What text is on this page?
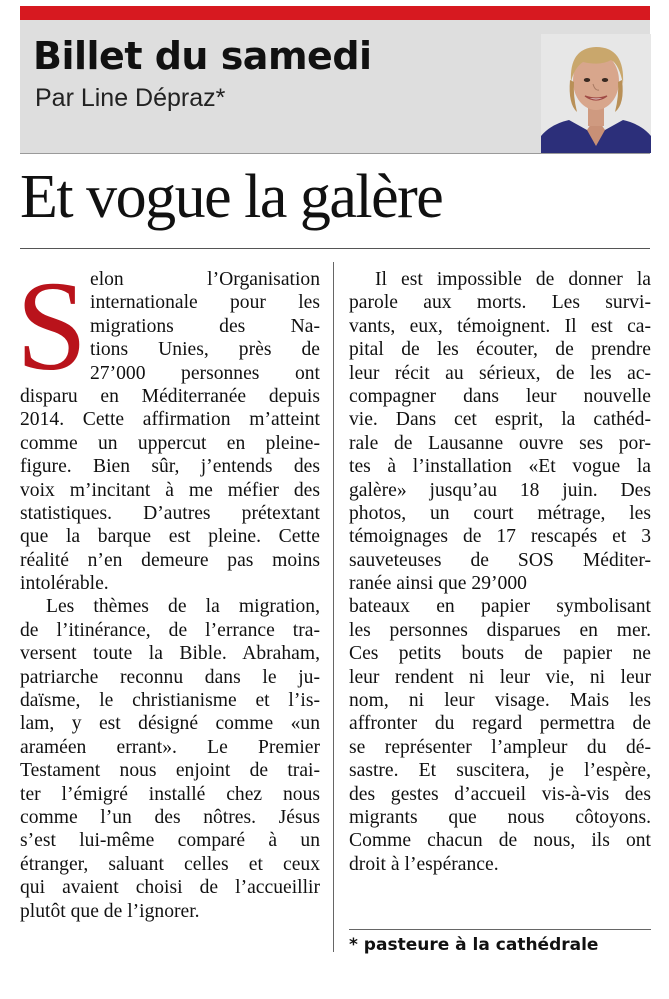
Billet du samedi
Par Line Dépraz*
Et vogue la galère
S elon l’Organisation
internationale pour les
migrations des Na-
tions Unies, près de
27’000 personnes ont
disparu en Méditerranée depuis
2014. Cette affirmation m’atteint
comme un uppercut en pleine-
figure. Bien sûr, j’entends des
voix m’incitant à me méfier des
statistiques. D’autres prétextant
que la barque est pleine. Cette
réalité n’en demeure pas moins
intolérable.
Les thèmes de la migration,
de l’itinérance, de l’errance tra-
versent toute la Bible. Abraham,
patriarche reconnu dans le ju-
daïsme, le christianisme et l’is-
lam, y est désigné comme «un
araméen errant». Le Premier
Testament nous enjoint de trai-
ter l’émigré installé chez nous
comme l’un des nôtres. Jésus
s’est lui-même comparé à un
étranger, saluant celles et ceux
qui avaient choisi de l’accueillir
plutôt que de l’ignorer.
Il est impossible de donner la
parole aux morts. Les survi-
vants, eux, témoignent. Il est ca-
pital de les écouter, de prendre
leur récit au sérieux, de les ac-
compagner dans leur nouvelle
vie. Dans cet esprit, la cathéd-
rale de Lausanne ouvre ses por-
tes à l’installation «Et vogue la
galère» jusqu’au 18 juin. Des
photos, un court métrage, les
témoignages de 17 rescapés et 3
sauveteuses de SOS Méditer-
ranée ainsi que 29’000
bateaux en papier symbolisant
les personnes disparues en mer.
Ces petits bouts de papier ne
leur rendent ni leur vie, ni leur
nom, ni leur visage. Mais les
affronter du regard permettra de
se représenter l’ampleur du dé-
sastre. Et suscitera, je l’espère,
des gestes d’accueil vis-à-vis des
migrants que nous côtoyons.
Comme chacun de nous, ils ont
droit à l’espérance.
* pasteure à la cathédrale
